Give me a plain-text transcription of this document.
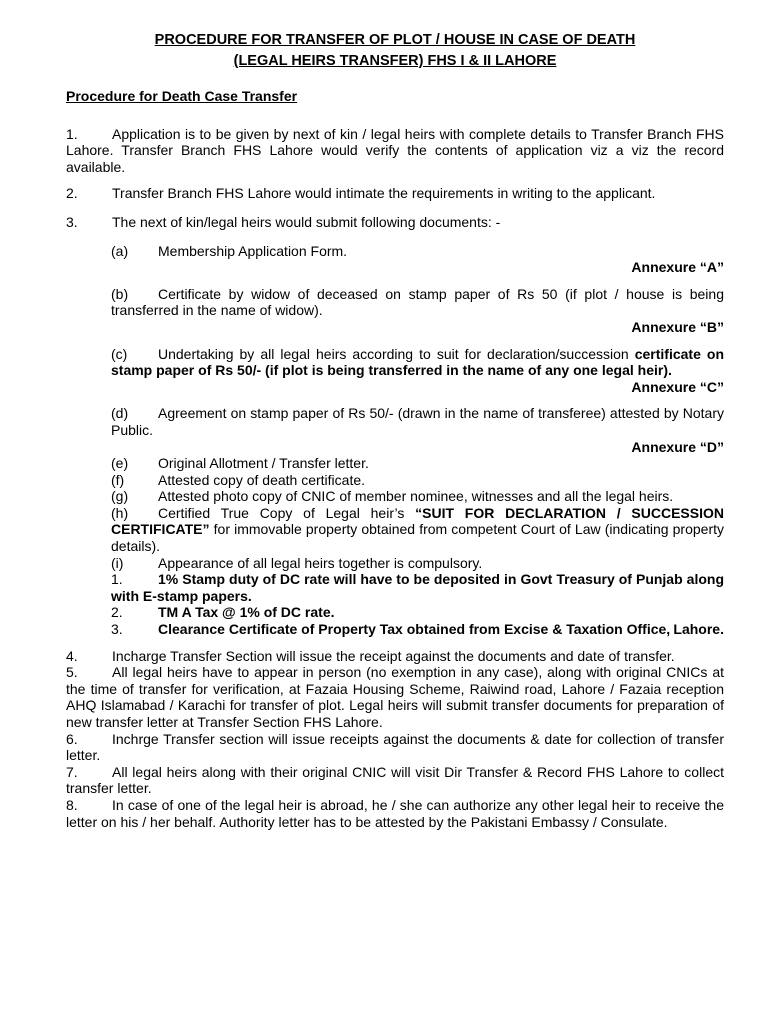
PROCEDURE FOR TRANSFER OF PLOT / HOUSE IN CASE OF DEATH
(LEGAL HEIRS TRANSFER) FHS I & II LAHORE
Procedure for Death Case Transfer
1. Application is to be given by next of kin / legal heirs with complete details to Transfer Branch FHS Lahore. Transfer Branch FHS Lahore would verify the contents of application viz a viz the record available.
2. Transfer Branch FHS Lahore would intimate the requirements in writing to the applicant.
3. The next of kin/legal heirs would submit following documents: -
(a) Membership Application Form.
Annexure “A”
(b) Certificate by widow of deceased on stamp paper of Rs 50 (if plot / house is being transferred in the name of widow).
Annexure “B”
(c) Undertaking by all legal heirs according to suit for declaration/succession certificate on stamp paper of Rs 50/- (if plot is being transferred in the name of any one legal heir).
Annexure “C”
(d) Agreement on stamp paper of Rs 50/- (drawn in the name of transferee) attested by Notary Public.
Annexure “D”
(e) Original Allotment / Transfer letter.
(f) Attested copy of death certificate.
(g) Attested photo copy of CNIC of member nominee, witnesses and all the legal heirs.
(h) Certified True Copy of Legal heir’s “SUIT FOR DECLARATION / SUCCESSION CERTIFICATE” for immovable property obtained from competent Court of Law (indicating property details).
(i) Appearance of all legal heirs together is compulsory.
1.	1% Stamp duty of DC rate will have to be deposited in Govt Treasury of Punjab along with E-stamp papers.
2.	TM A Tax @ 1% of DC rate.
3.	Clearance Certificate of Property Tax obtained from Excise & Taxation Office, Lahore.
4. Incharge Transfer Section will issue the receipt against the documents and date of transfer.
5. All legal heirs have to appear in person (no exemption in any case), along with original CNICs at the time of transfer for verification, at Fazaia Housing Scheme, Raiwind road, Lahore / Fazaia reception AHQ Islamabad / Karachi for transfer of plot. Legal heirs will submit transfer documents for preparation of new transfer letter at Transfer Section FHS Lahore.
6. Inchrge Transfer section will issue receipts against the documents & date for collection of transfer letter.
7. All legal heirs along with their original CNIC will visit Dir Transfer & Record FHS Lahore to collect transfer letter.
8. In case of one of the legal heir is abroad, he / she can authorize any other legal heir to receive the letter on his / her behalf. Authority letter has to be attested by the Pakistani Embassy / Consulate.
